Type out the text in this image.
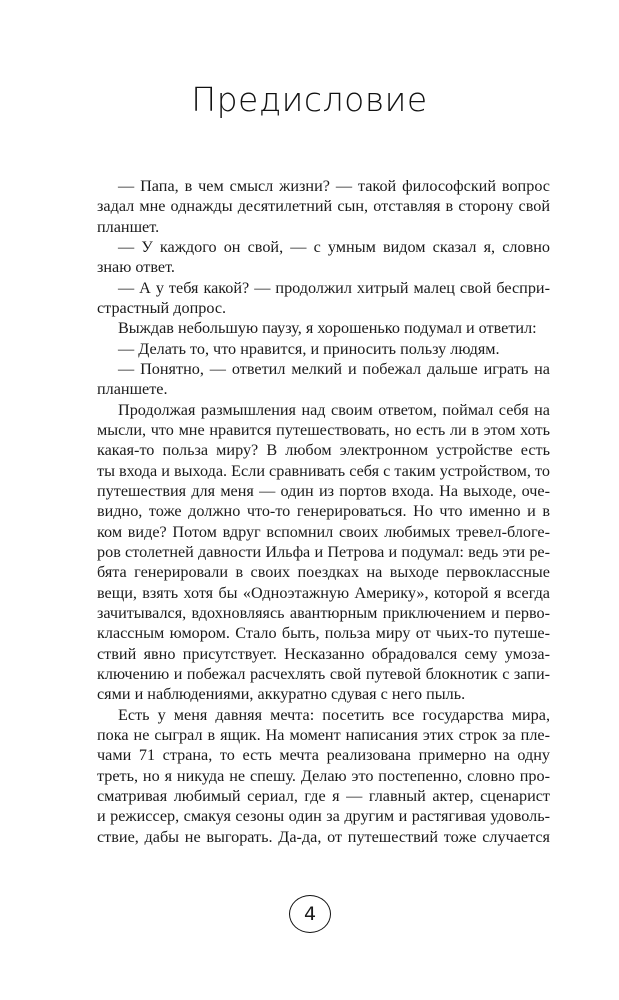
Предисловие
— Папа, в чем смысл жизни? — такой философский вопрос
задал мне однажды десятилетний сын, отставляя в сторону свой
планшет.
— У каждого он свой, — с умным видом сказал я, словно
знаю ответ.
— А у тебя какой? — продолжил хитрый малец свой беспри-
страстный допрос.
Выждав небольшую паузу, я хорошенько подумал и ответил:
— Делать то, что нравится, и приносить пользу людям.
— Понятно, — ответил мелкий и побежал дальше играть на
планшете.
Продолжая размышления над своим ответом, поймал себя на
мысли, что мне нравится путешествовать, но есть ли в этом хоть
какая-то польза миру? В любом электронном устройстве есть
ты входа и выхода. Если сравнивать себя с таким устройством, то
путешествия для меня — один из портов входа. На выходе, оче-
видно, тоже должно что-то генерироваться. Но что именно и в
ком виде? Потом вдруг вспомнил своих любимых тревел-блоге-
ров столетней давности Ильфа и Петрова и подумал: ведь эти ре-
бята генерировали в своих поездках на выходе первоклассные
вещи, взять хотя бы «Одноэтажную Америку», которой я всегда
зачитывался, вдохновляясь авантюрным приключением и перво-
классным юмором. Стало быть, польза миру от чьих-то путеше-
ствий явно присутствует. Несказанно обрадовался сему умоза-
ключению и побежал расчехлять свой путевой блокнотик с запи-
сями и наблюдениями, аккуратно сдувая с него пыль.
Есть у меня давняя мечта: посетить все государства мира,
пока не сыграл в ящик. На момент написания этих строк за пле-
чами 71 страна, то есть мечта реализована примерно на одну
треть, но я никуда не спешу. Делаю это постепенно, словно про-
сматривая любимый сериал, где я — главный актер, сценарист
и режиссер, смакуя сезоны один за другим и растягивая удоволь-
ствие, дабы не выгорать. Да-да, от путешествий тоже случается
4
